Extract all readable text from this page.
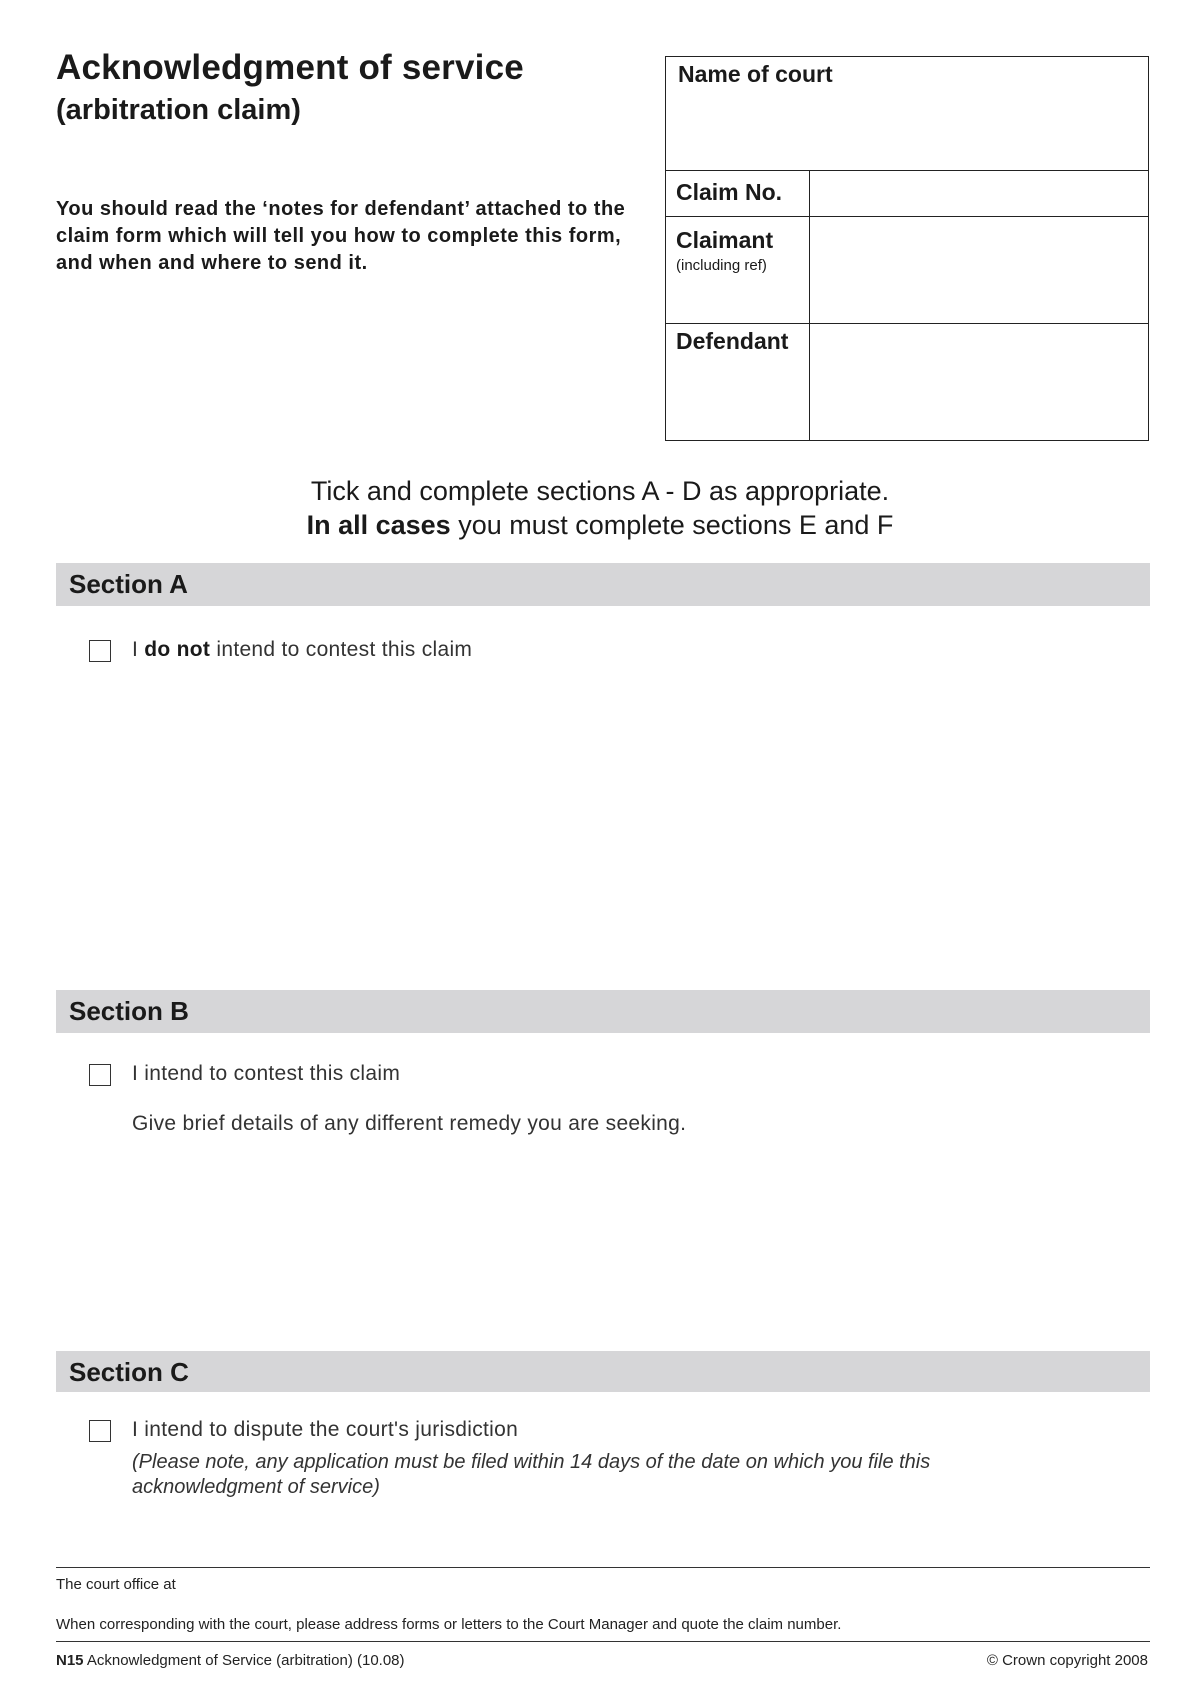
Acknowledgment of service
(arbitration claim)
You should read the ‘notes for defendant’ attached to the claim form which will tell you how to complete this form, and when and where to send it.
Name of court
Claim No.
Claimant
(including ref)
Defendant
Tick and complete sections A - D as appropriate.
In all cases you must complete sections E and F
Section A
I do not intend to contest this claim
Section B
I intend to contest this claim
Give brief details of any different remedy you are seeking.
Section C
I intend to dispute the court's jurisdiction
(Please note, any application must be filed within 14 days of the date on which you file this acknowledgment of service)
The court office at
When corresponding with the court, please address forms or letters to the Court Manager and quote the claim number.
N15 Acknowledgment of Service (arbitration) (10.08)	© Crown copyright 2008
